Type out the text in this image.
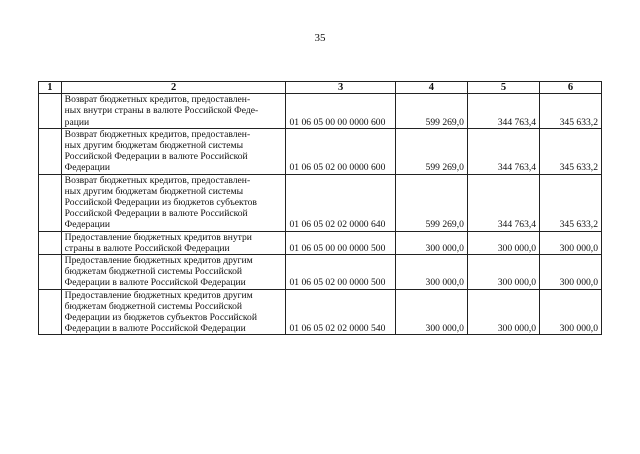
35
1	2	3	4	5	6
	Возврат бюджетных кредитов, предоставлен-
ных внутри страны в валюте Российской Феде-
рации	01 06 05 00 00 0000 600	599 269,0	344 763,4	345 633,2
	Возврат бюджетных кредитов, предоставлен-
ных другим бюджетам бюджетной системы
Российской Федерации в валюте Российской
Федерации	01 06 05 02 00 0000 600	599 269,0	344 763,4	345 633,2
	Возврат бюджетных кредитов, предоставлен-
ных другим бюджетам бюджетной системы
Российской Федерации из бюджетов субъектов
Российской Федерации в валюте Российской
Федерации	01 06 05 02 02 0000 640	599 269,0	344 763,4	345 633,2
	Предоставление бюджетных кредитов внутри
страны в валюте Российской Федерации	01 06 05 00 00 0000 500	300 000,0	300 000,0	300 000,0
	Предоставление бюджетных кредитов другим
бюджетам бюджетной системы Российской
Федерации в валюте Российской Федерации	01 06 05 02 00 0000 500	300 000,0	300 000,0	300 000,0
	Предоставление бюджетных кредитов другим
бюджетам бюджетной системы Российской
Федерации из бюджетов субъектов Российской
Федерации в валюте Российской Федерации	01 06 05 02 02 0000 540	300 000,0	300 000,0	300 000,0
